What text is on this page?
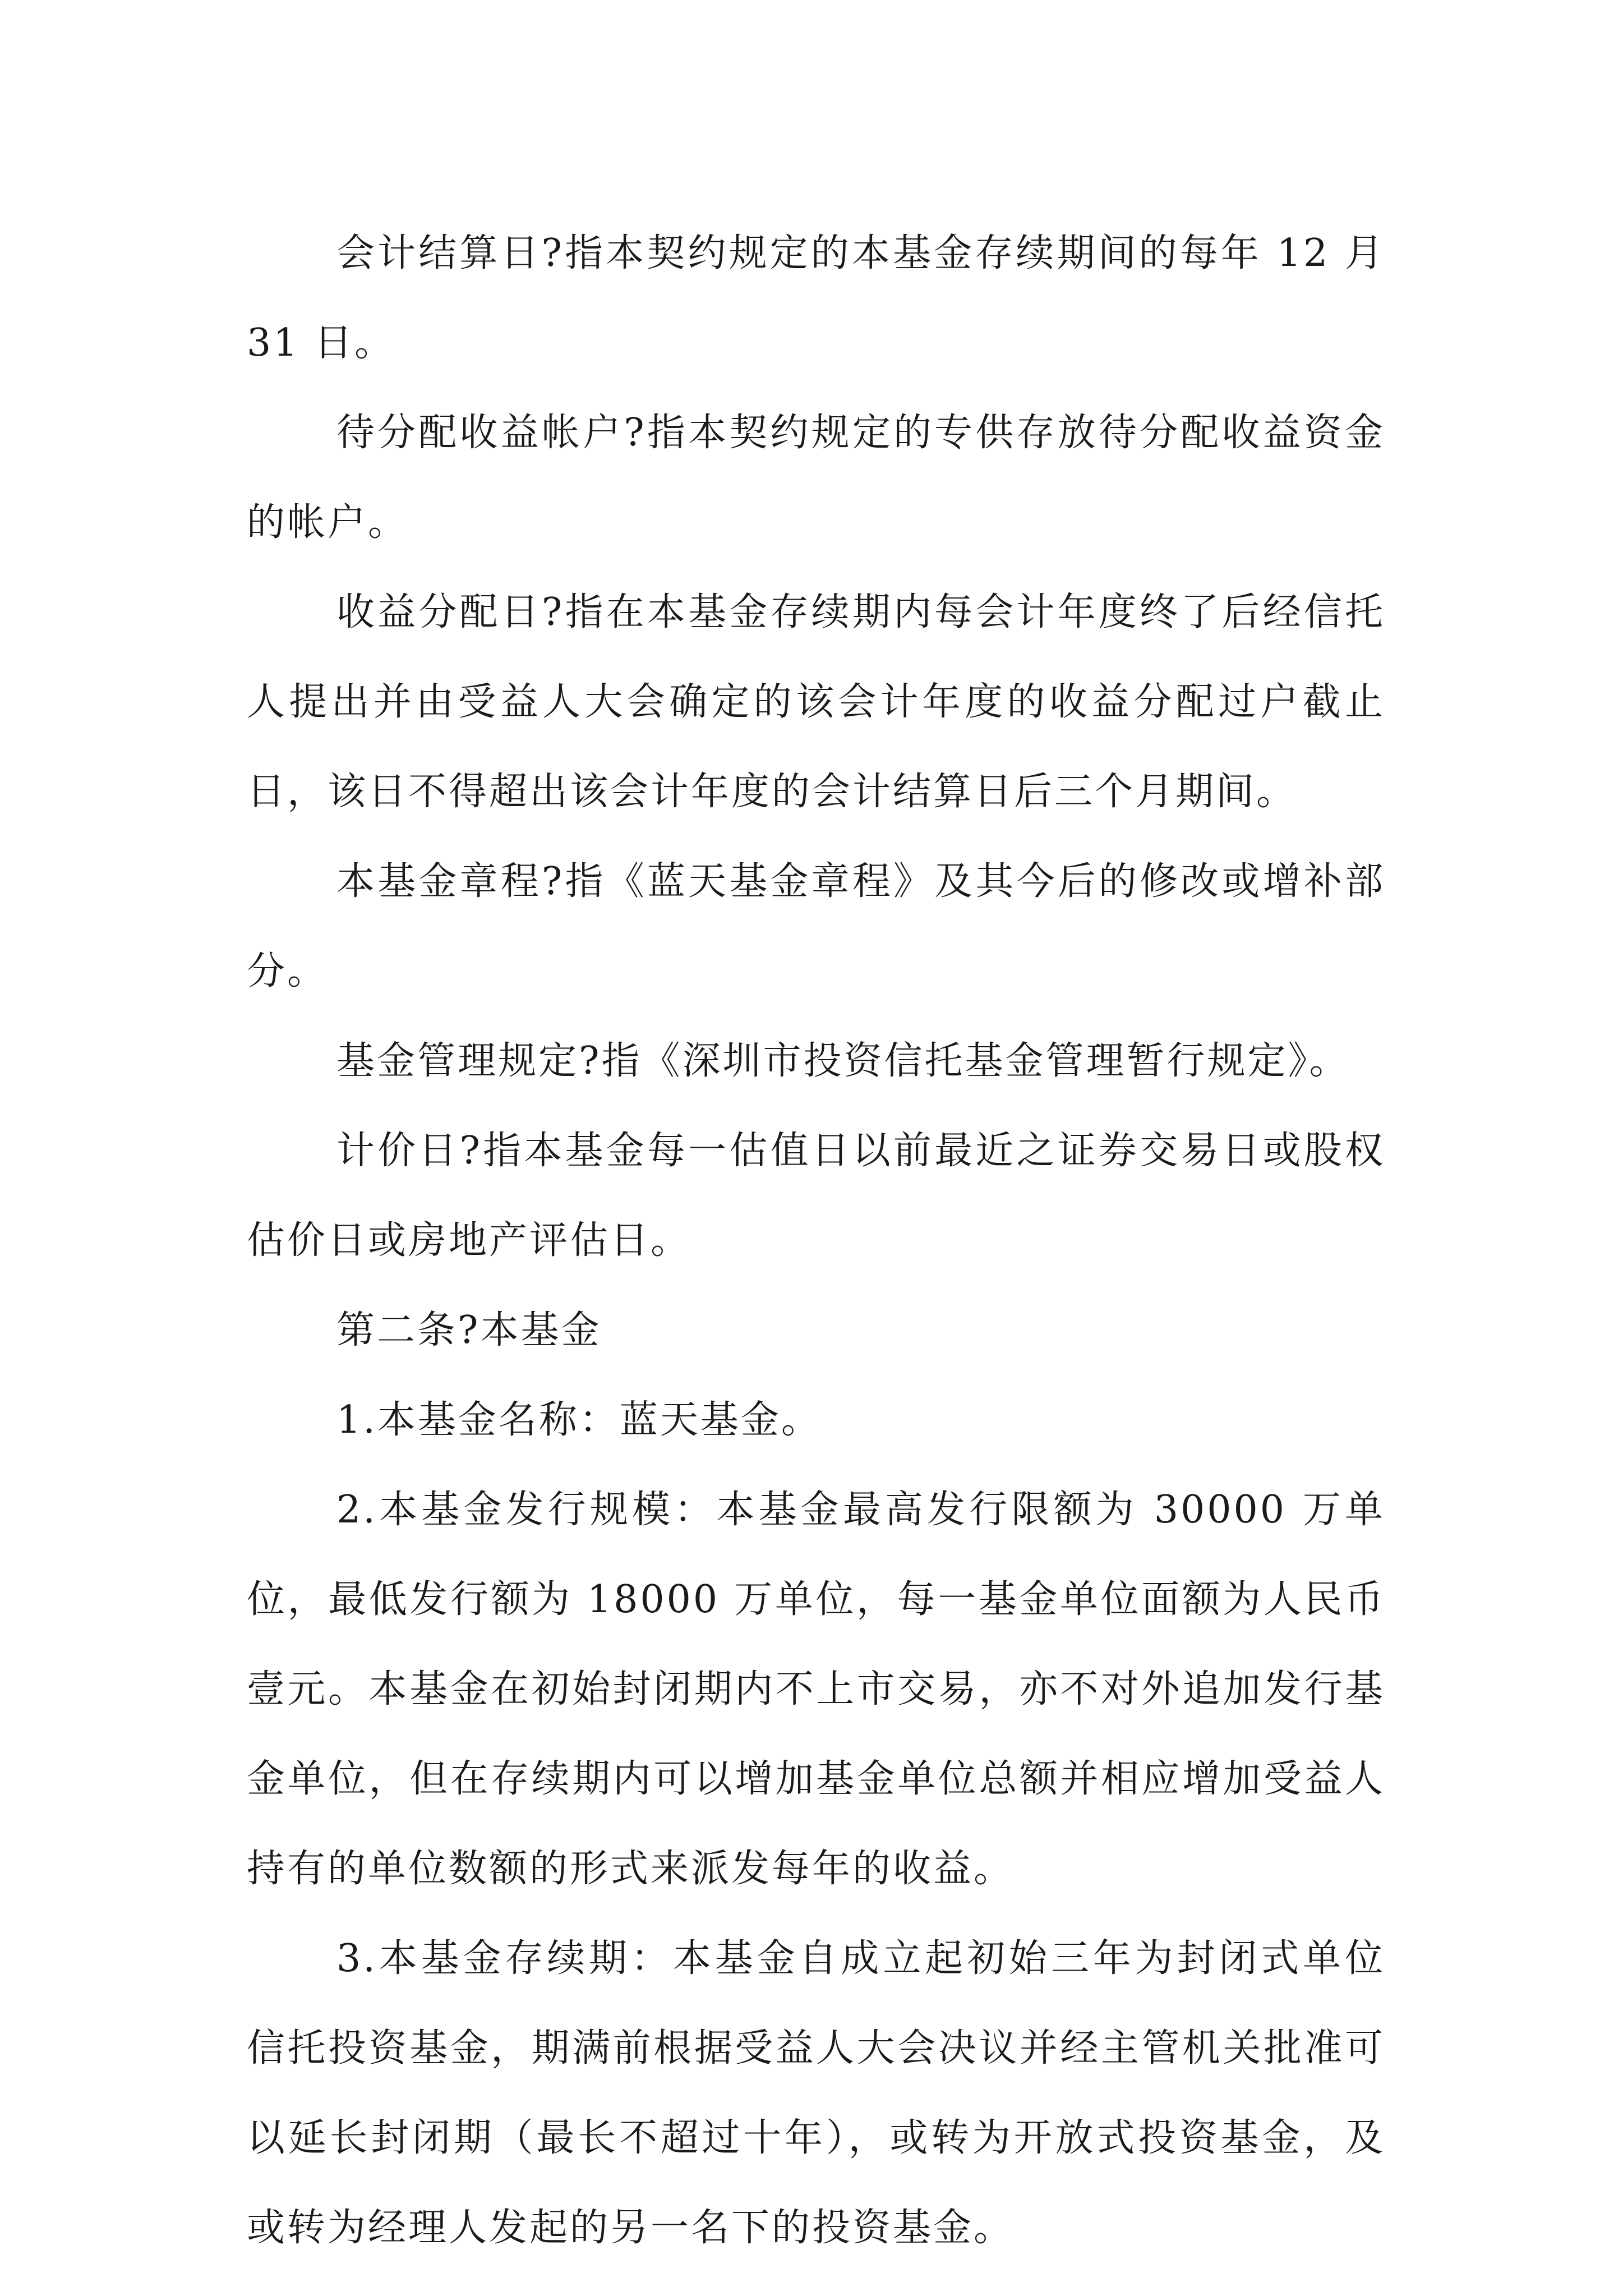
会计结算日?指本契约规定的本基金存续期间的每年 12 月 31 日。

待分配收益帐户?指本契约规定的专供存放待分配收益资金的帐户。

收益分配日?指在本基金存续期内每会计年度终了后经信托人提出并由受益人大会确定的该会计年度的收益分配过户截止日，该日不得超出该会计年度的会计结算日后三个月期间。

本基金章程?指《蓝天基金章程》及其今后的修改或增补部分。

基金管理规定?指《深圳市投资信托基金管理暂行规定》。

计价日?指本基金每一估值日以前最近之证券交易日或股权估价日或房地产评估日。

第二条?本基金

1.本基金名称：蓝天基金。

2.本基金发行规模：本基金最高发行限额为 30000 万单位，最低发行额为 18000 万单位，每一基金单位面额为人民币壹元。本基金在初始封闭期内不上市交易，亦不对外追加发行基金单位，但在存续期内可以增加基金单位总额并相应增加受益人持有的单位数额的形式来派发每年的收益。

3.本基金存续期：本基金自成立起初始三年为封闭式单位信托投资基金，期满前根据受益人大会决议并经主管机关批准可以延长封闭期（最长不超过十年），或转为开放式投资基金，及或转为经理人发起的另一名下的投资基金。
